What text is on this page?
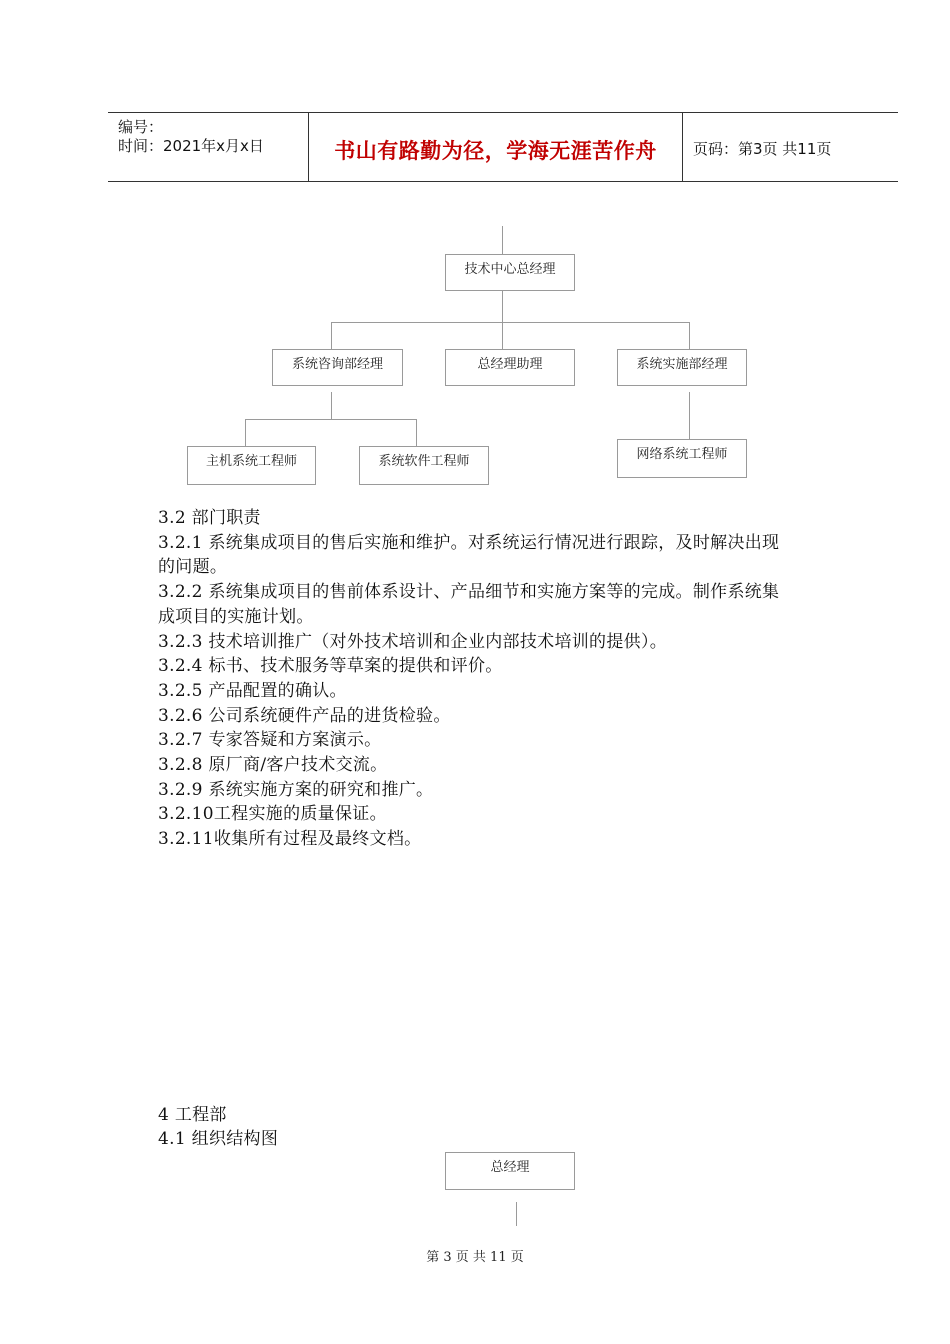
编号：
时间：2021年x月x日	书山有路勤为径，学海无涯苦作舟	页码：第3页 共11页
技术中心总经理
系统咨询部经理	总经理助理	系统实施部经理
主机系统工程师	系统软件工程师	网络系统工程师
3.2 部门职责
3.2.1 系统集成项目的售后实施和维护。对系统运行情况进行跟踪，及时解决出现
的问题。
3.2.2 系统集成项目的售前体系设计、产品细节和实施方案等的完成。制作系统集
成项目的实施计划。
3.2.3 技术培训推广（对外技术培训和企业内部技术培训的提供）。
3.2.4 标书、技术服务等草案的提供和评价。
3.2.5 产品配置的确认。
3.2.6 公司系统硬件产品的进货检验。
3.2.7 专家答疑和方案演示。
3.2.8 原厂商/客户技术交流。
3.2.9 系统实施方案的研究和推广。
3.2.10工程实施的质量保证。
3.2.11收集所有过程及最终文档。
4 工程部
4.1 组织结构图
总经理
第 3 页 共 11 页
